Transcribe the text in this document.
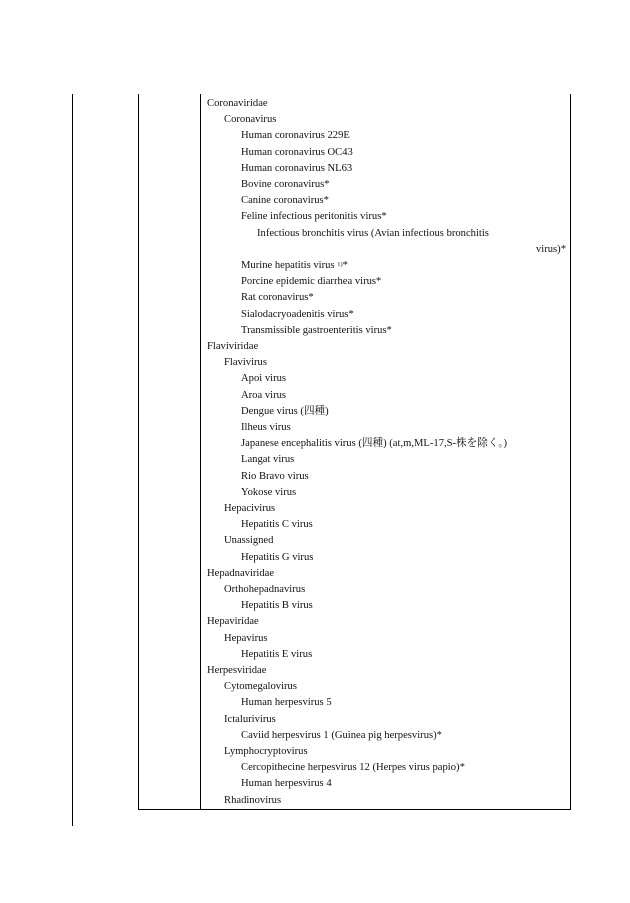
Coronaviridae
Coronavirus
Human coronavirus 229E
Human coronavirus OC43
Human coronavirus NL63
Bovine coronavirus*
Canine coronavirus*
Feline infectious peritonitis virus*
Infectious bronchitis virus (Avian infectious bronchitis
virus)*
Murine hepatitis virus $^{1)}$*
Porcine epidemic diarrhea virus*
Rat coronavirus*
Sialodacryoadenitis virus*
Transmissible gastroenteritis virus*
Flaviviridae
Flavivirus
Apoi virus
Aroa virus
Dengue virus (四種)
Ilheus virus
Japanese encephalitis virus (四種) (at,m,ML-17,S-株を除く。)
Langat virus
Rio Bravo virus
Yokose virus
Hepacivirus
Hepatitis C virus
Unassigned
Hepatitis G virus
Hepadnaviridae
Orthohepadnavirus
Hepatitis B virus
Hepaviridae
Hepavirus
Hepatitis E virus
Herpesviridae
Cytomegalovirus
Human herpesvirus 5
Ictalurivirus
Caviid herpesvirus 1 (Guinea pig herpesvirus)*
Lymphocryptovirus
Cercopithecine herpesvirus 12 (Herpes virus papio)*
Human herpesvirus 4
Rhadinovirus
